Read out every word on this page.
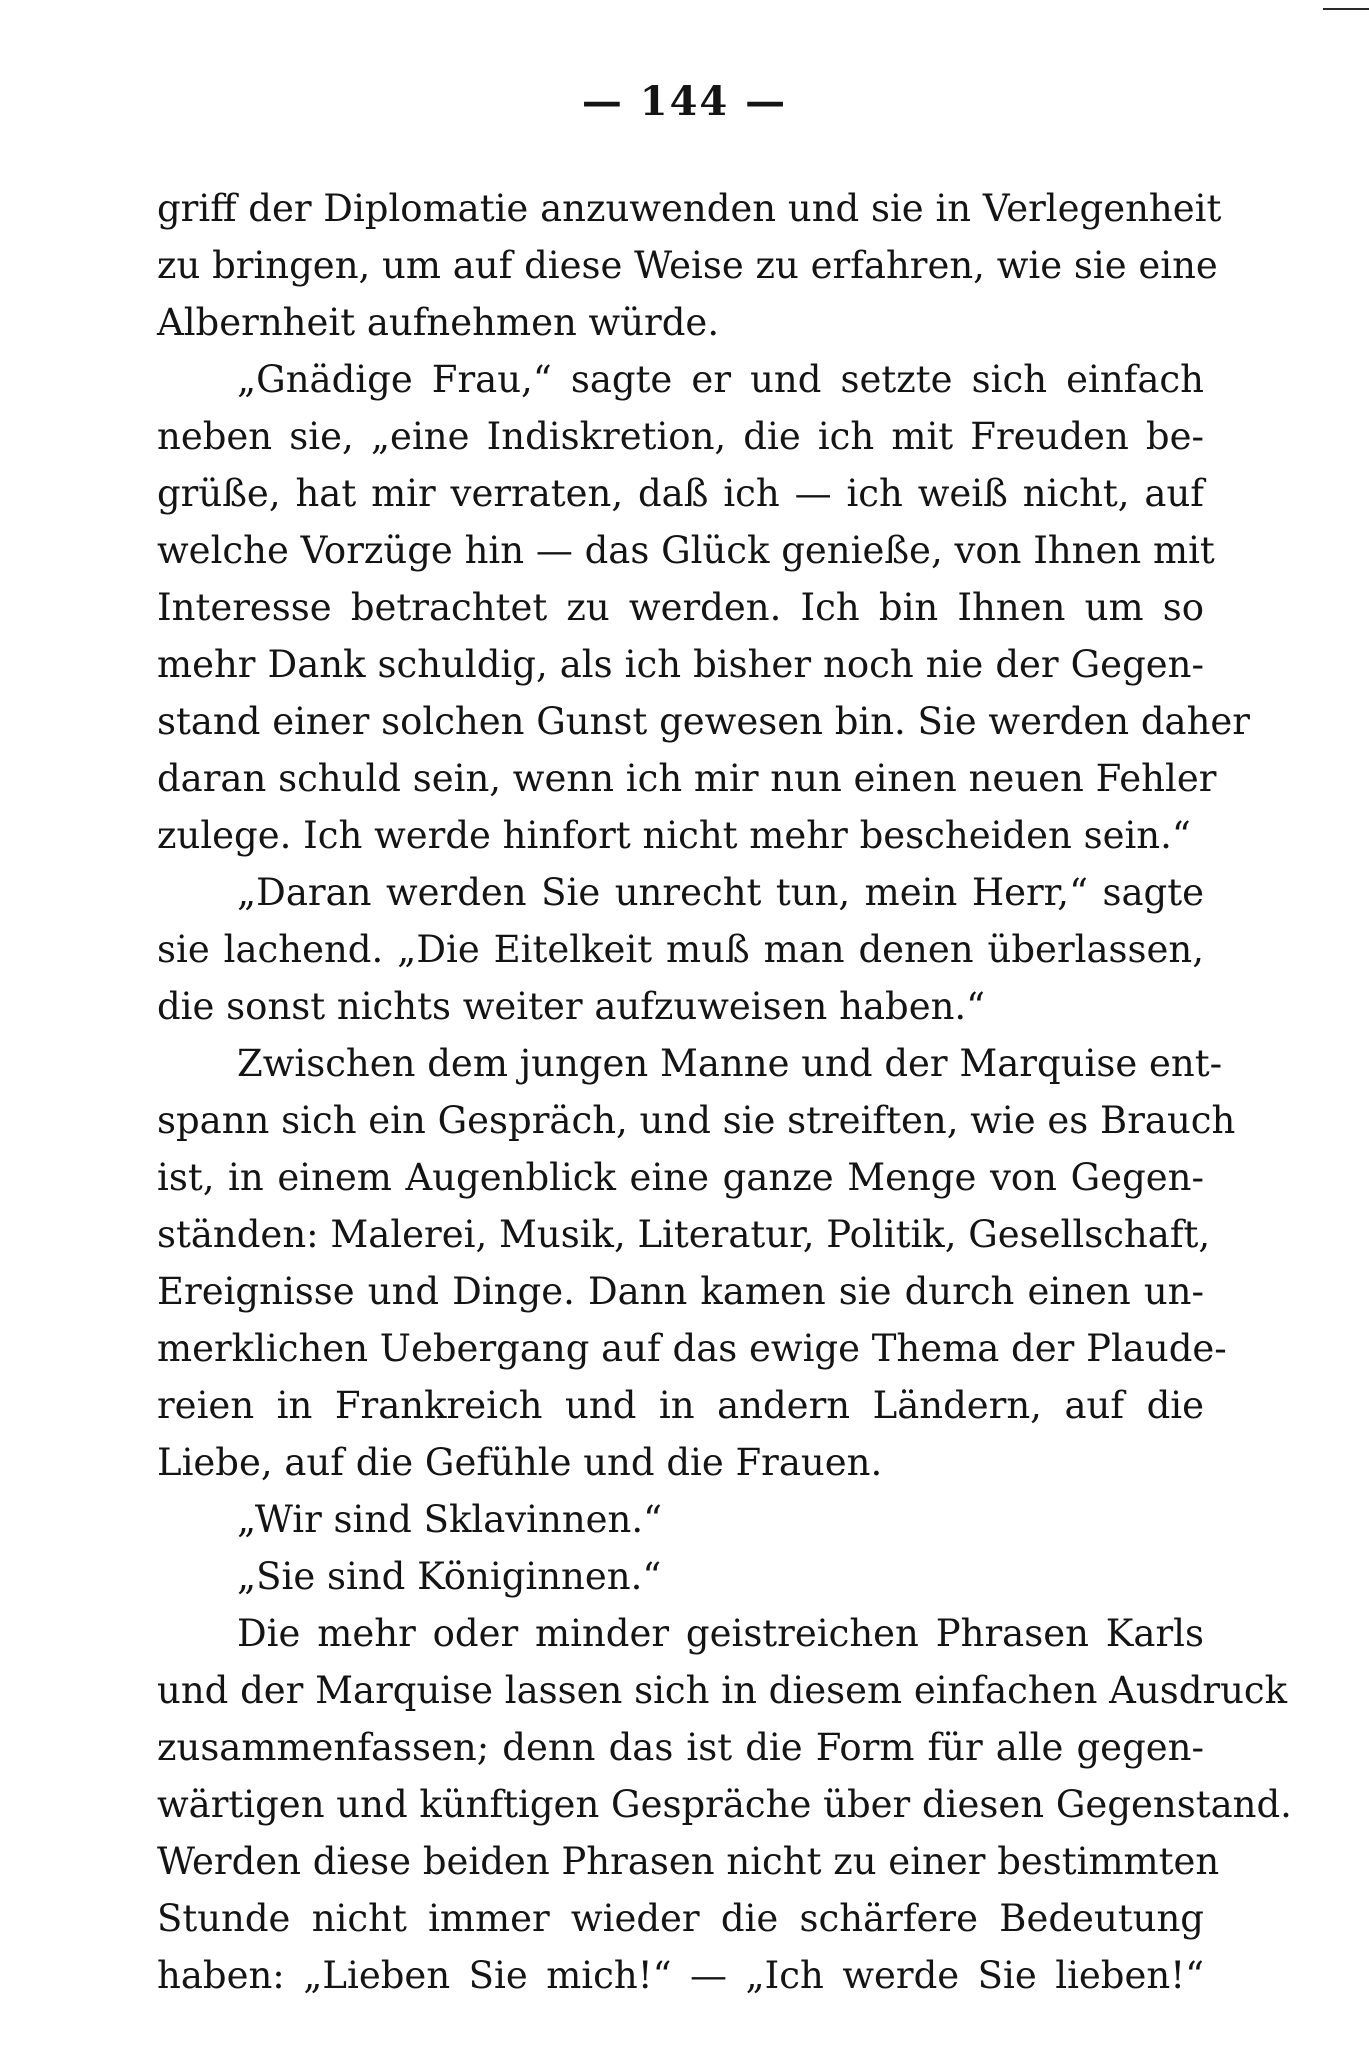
— 144 —
griff der Diplomatie anzuwenden und sie in Verlegenheit
zu bringen, um auf diese Weise zu erfahren, wie sie eine
Albernheit aufnehmen würde.
„Gnädige Frau,“ sagte er und setzte sich einfach
neben sie, „eine Indiskretion, die ich mit Freuden be-
grüße, hat mir verraten, daß ich — ich weiß nicht, auf
welche Vorzüge hin — das Glück genieße, von Ihnen mit
Interesse betrachtet zu werden. Ich bin Ihnen um so
mehr Dank schuldig, als ich bisher noch nie der Gegen-
stand einer solchen Gunst gewesen bin. Sie werden daher
daran schuld sein, wenn ich mir nun einen neuen Fehler
zulege. Ich werde hinfort nicht mehr bescheiden sein.“
„Daran werden Sie unrecht tun, mein Herr,“ sagte
sie lachend. „Die Eitelkeit muß man denen überlassen,
die sonst nichts weiter aufzuweisen haben.“
Zwischen dem jungen Manne und der Marquise ent-
spann sich ein Gespräch, und sie streiften, wie es Brauch
ist, in einem Augenblick eine ganze Menge von Gegen-
ständen: Malerei, Musik, Literatur, Politik, Gesellschaft,
Ereignisse und Dinge. Dann kamen sie durch einen un-
merklichen Uebergang auf das ewige Thema der Plaude-
reien in Frankreich und in andern Ländern, auf die
Liebe, auf die Gefühle und die Frauen.
„Wir sind Sklavinnen.“
„Sie sind Königinnen.“
Die mehr oder minder geistreichen Phrasen Karls
und der Marquise lassen sich in diesem einfachen Ausdruck
zusammenfassen; denn das ist die Form für alle gegen-
wärtigen und künftigen Gespräche über diesen Gegenstand.
Werden diese beiden Phrasen nicht zu einer bestimmten
Stunde nicht immer wieder die schärfere Bedeutung
haben: „Lieben Sie mich!“ — „Ich werde Sie lieben!“
